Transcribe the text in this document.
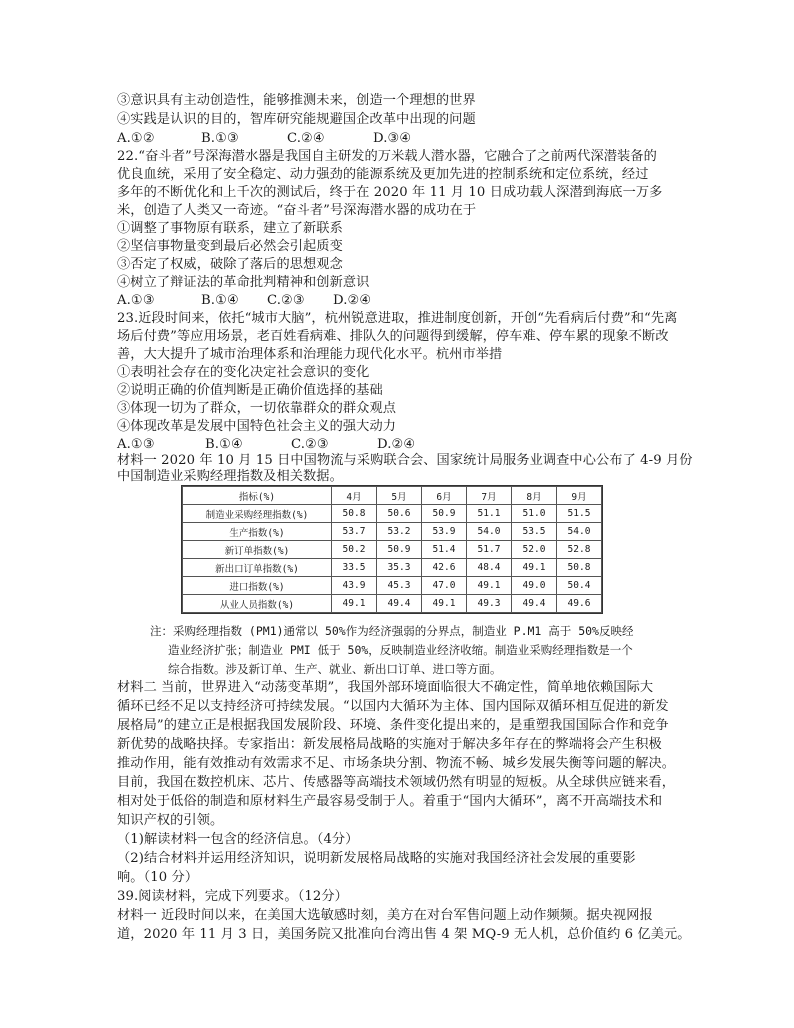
③意识具有主动创造性，能够推测未来，创造一个理想的世界
④实践是认识的目的，智库研究能规避国企改革中出现的问题
A.①②	B.①③	C.②④	D.③④
22.“奋斗者”号深海潜水器是我国自主研发的万米载人潜水器，它融合了之前两代深潜装备的
优良血统，采用了安全稳定、动力强劲的能源系统及更加先进的控制系统和定位系统，经过
多年的不断优化和上千次的测试后，终于在 2020 年 11 月 10 日成功载人深潜到海底一万多
米，创造了人类又一奇迹。“奋斗者”号深海潜水器的成功在于
①调整了事物原有联系，建立了新联系
②坚信事物量变到最后必然会引起质变
③否定了权威，破除了落后的思想观念
④树立了辩证法的革命批判精神和创新意识
A.①③	B.①④	C.②③	D.②④
23.近段时间来，依托“城市大脑”，杭州锐意进取，推进制度创新，开创“先看病后付费”和“先离
场后付费”等应用场景，老百姓看病难、排队久的问题得到缓解，停车难、停车累的现象不断改
善，大大提升了城市治理体系和治理能力现代化水平。杭州市举措
①表明社会存在的变化决定社会意识的变化
②说明正确的价值判断是正确价值选择的基础
③体现一切为了群众，一切依靠群众的群众观点
④体现改革是发展中国特色社会主义的强大动力
A.①③	B.①④	C.②③	D.②④
材料一 2020 年 10 月 15 日中国物流与采购联合会、国家统计局服务业调查中心公布了 4-9 月份
中国制造业采购经理指数及相关数据。
指标(%)	4月	5月	6月	7月	8月	9月
制造业采购经理指数(%)	50.8	50.6	50.9	51.1	51.0	51.5
生产指数(%)	53.7	53.2	53.9	54.0	53.5	54.0
新订单指数(%)	50.2	50.9	51.4	51.7	52.0	52.8
新出口订单指数(%)	33.5	35.3	42.6	48.4	49.1	50.8
进口指数(%)	43.9	45.3	47.0	49.1	49.0	50.4
从业人员指数(%)	49.1	49.4	49.1	49.3	49.4	49.6
注：采购经理指数 (PM1)通常以 50%作为经济强弱的分界点，制造业 P.M1 高于 50%反映经
造业经济扩张；制造业 PMI 低于 50%，反映制造业经济收缩。制造业采购经理指数是一个
综合指数。涉及新订单、生产、就业、新出口订单、进口等方面。
材料二 当前，世界进入“动荡变革期”，我国外部环境面临很大不确定性，简单地依赖国际大
循环已经不足以支持经济可持续发展。“以国内大循环为主体、国内国际双循环相互促进的新发
展格局”的建立正是根据我国发展阶段、环境、条件变化提出来的，是重塑我国国际合作和竞争
新优势的战略抉择。专家指出：新发展格局战略的实施对于解决多年存在的弊端将会产生积极
推动作用，能有效推动有效需求不足、市场条块分割、物流不畅、城乡发展失衡等问题的解决。
目前，我国在数控机床、芯片、传感器等高端技术领域仍然有明显的短板。从全球供应链来看，
相对处于低俗的制造和原材料生产最容易受制于人。着重于“国内大循环”，离不开高端技术和
知识产权的引领。
（1)解读材料一包含的经济信息。（4分）
（2)结合材料并运用经济知识，说明新发展格局战略的实施对我国经济社会发展的重要影
响。（10 分）
39.阅读材料，完成下列要求。（12分）
材料一 近段时间以来，在美国大选敏感时刻，美方在对台军售问题上动作频频。据央视网报
道，2020 年 11 月 3 日，美国务院又批准向台湾出售 4 架 MQ-9 无人机，总价值约 6 亿美元。
